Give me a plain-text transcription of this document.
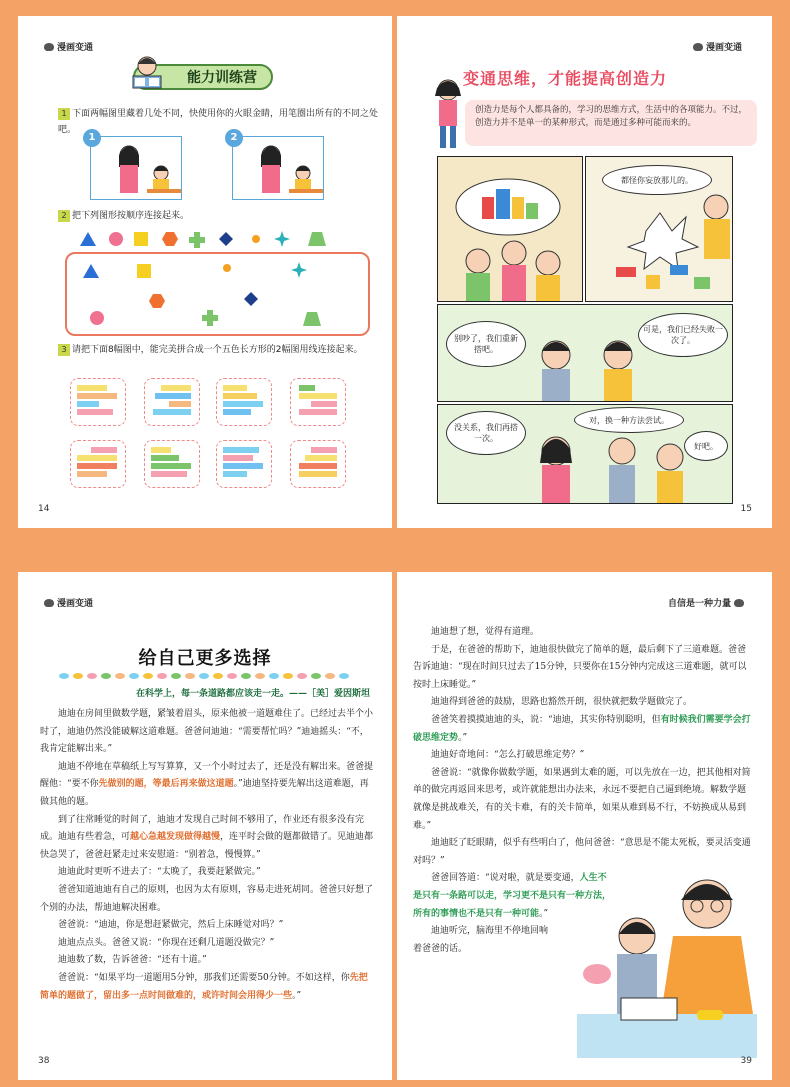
漫画变通
能力训练营
1 下面两幅图里藏着几处不同，快使用你的火眼金睛，用笔圈出所有的不同之处吧。
1	2
2 把下列图形按顺序连接起来。
3 请把下面8幅图中，能完美拼合成一个五色长方形的2幅图用线连接起来。
14
漫画变通
变通思维，才能提高创造力
创造力是每个人都具备的，学习的思维方式，生活中的各项能力。不过，创造力并不是单一的某种形式，而是通过多种可能而来的。
都怪你妄放那儿的。
别吵了，我们重新搭吧。
可是，我们已经失败一次了。
没关系，我们再搭一次。
对，换一种方法尝试。
好吧。
15
漫画变通
给自己更多选择
在科学上，每一条道路都应该走一走。——［美］爱因斯坦

迪迪在房间里做数学题，紧皱着眉头，原来他被一道题难住了。已经过去半个小时了，迪迪仍然没能破解这道难题。爸爸问迪迪：“需要帮忙吗？”迪迪摇头：“不，我肯定能解出来。”

迪迪不停地在草稿纸上写写算算，又一个小时过去了，还是没有解出来。爸爸提醒他：“要不你先做别的题，等最后再来做这道题。”迪迪坚持要先解出这道难题，再做其他的题。

到了往常睡觉的时间了，迪迪才发现自己时间不够用了，作业还有很多没有完成。迪迪有些着急，可越心急越发现做得越慢，连平时会做的题都做错了。见迪迪都快急哭了，爸爸赶紧走过来安慰道：“别着急，慢慢算。”

迪迪此时更听不进去了：“太晚了，我要赶紧做完。”

爸爸知道迪迪有自己的原则，也因为太有原则，容易走进死胡同。爸爸只好想了个别的办法，帮迪迪解决困难。

爸爸说：“迪迪，你是想赶紧做完，然后上床睡觉对吗？”

迪迪点点头。爸爸又说：“你现在还剩几道题没做完？”

迪迪数了数，告诉爸爸：“还有十道。”

爸爸说：“如果平均一道题用5分钟，那我们还需要50分钟。不如这样，你先把简单的题做了，留出多一点时间做难的，或许时间会用得少一些。”

38
自信是一种力量

迪迪想了想，觉得有道理。

于是，在爸爸的帮助下，迪迪很快做完了简单的题，最后剩下了三道难题。爸爸告诉迪迪：“现在时间只过去了15分钟，只要你在15分钟内完成这三道难题，就可以按时上床睡觉。”

迪迪得到爸爸的鼓励，思路也豁然开朗，很快就把数学题做完了。

爸爸笑着摸摸迪迪的头，说：“迪迪，其实你特别聪明，但有时候我们需要学会打破思维定势。”

迪迪好奇地问：“怎么打破思维定势？”

爸爸说：“就像你做数学题，如果遇到太难的题，可以先放在一边，把其他相对简单的做完再返回来思考，或许就能想出办法来，永远不要把自己逼到绝境。解数学题就像是挑战难关，有的关卡难，有的关卡简单，如果从难到易不行，不妨换成从易到难。”

迪迪眨了眨眼睛，似乎有些明白了，他问爸爸：“意思是不能太死板，要灵活变通对吗？”

爸爸回答道：“说对啦，就是要变通，人生不是只有一条路可以走，学习更不是只有一种方法，所有的事情也不是只有一种可能。”

迪迪听完，脑海里不停地回响着爸爸的话。

39
